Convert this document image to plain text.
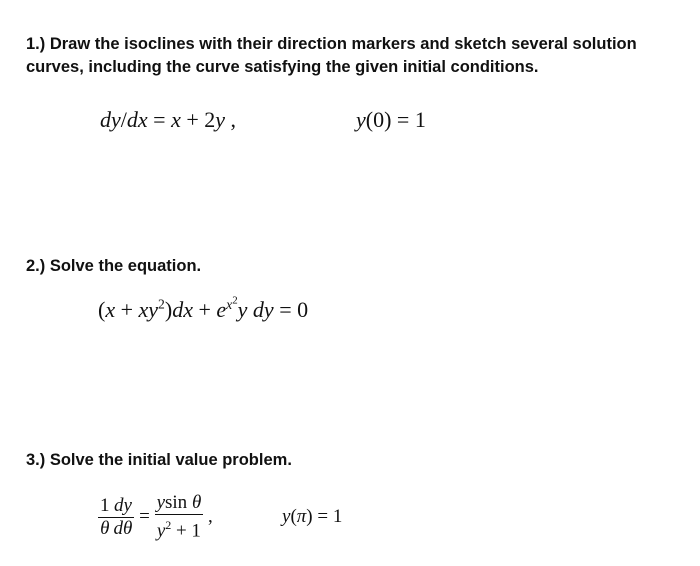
1.) Draw the isoclines with their direction markers and sketch several solution
curves, including the curve satisfying the given initial conditions.
dy/dx = x + 2y ,	y(0) = 1
2.) Solve the equation.
$(x + xy^2)dx + e^{x^2}y$ dy = 0
3.) Solve the initial value problem.
$\frac{1}{\theta} \frac{dy}{d\theta} = \frac{\text{ysin θ}}{y^2 + 1}$ ,	y(π) = 1
